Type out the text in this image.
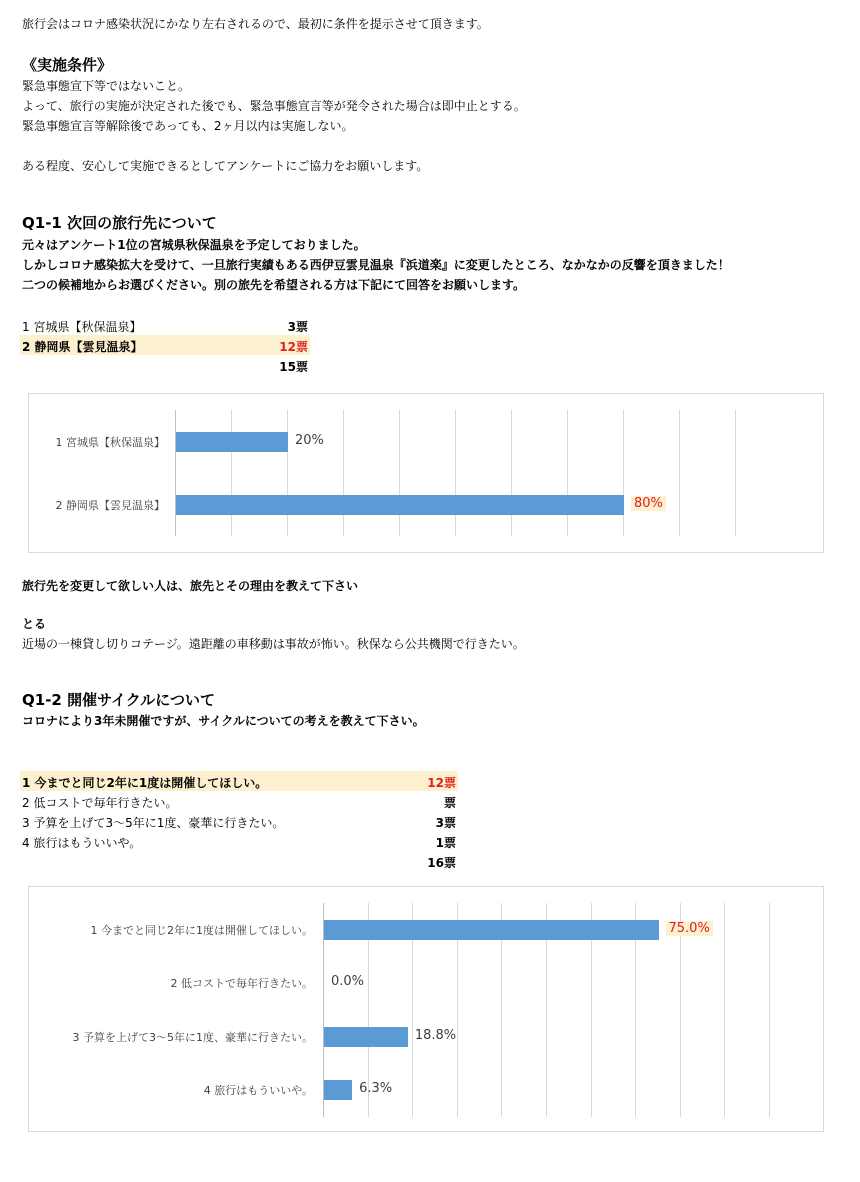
旅行会はコロナ感染状況にかなり左右されるので、最初に条件を提示させて頂きます。
《実施条件》
緊急事態宣下等ではないこと。
よって、旅行の実施が決定された後でも、緊急事態宣言等が発令された場合は即中止とする。
緊急事態宣言等解除後であっても、2ヶ月以内は実施しない。
ある程度、安心して実施できるとしてアンケートにご協力をお願いします。
Q1-1 次回の旅行先について
元々はアンケート1位の宮城県秋保温泉を予定しておりました。
しかしコロナ感染拡大を受けて、一旦旅行実績もある西伊豆雲見温泉『浜道楽』に変更したところ、なかなかの反響を頂きました！
二つの候補地からお選びください。別の旅先を希望される方は下記にて回答をお願いします。
1 宮城県【秋保温泉】	3票
2 静岡県【雲見温泉】	12票
15票
1 宮城県【秋保温泉】	20%
2 静岡県【雲見温泉】	80%
旅行先を変更して欲しい人は、旅先とその理由を教えて下さい
とる
近場の一棟貸し切りコテージ。遠距離の車移動は事故が怖い。秋保なら公共機関で行きたい。
Q1-2 開催サイクルについて
コロナにより3年未開催ですが、サイクルについての考えを教えて下さい。
1 今までと同じ2年に1度は開催してほしい。	12票
2 低コストで毎年行きたい。	票
3 予算を上げて3～5年に1度、豪華に行きたい。	3票
4 旅行はもういいや。	1票
16票
1 今までと同じ2年に1度は開催してほしい。	75.0%
2 低コストで毎年行きたい。 0.0%
3 予算を上げて3～5年に1度、豪華に行きたい。	18.8%
4 旅行はもういいや。	6.3%
